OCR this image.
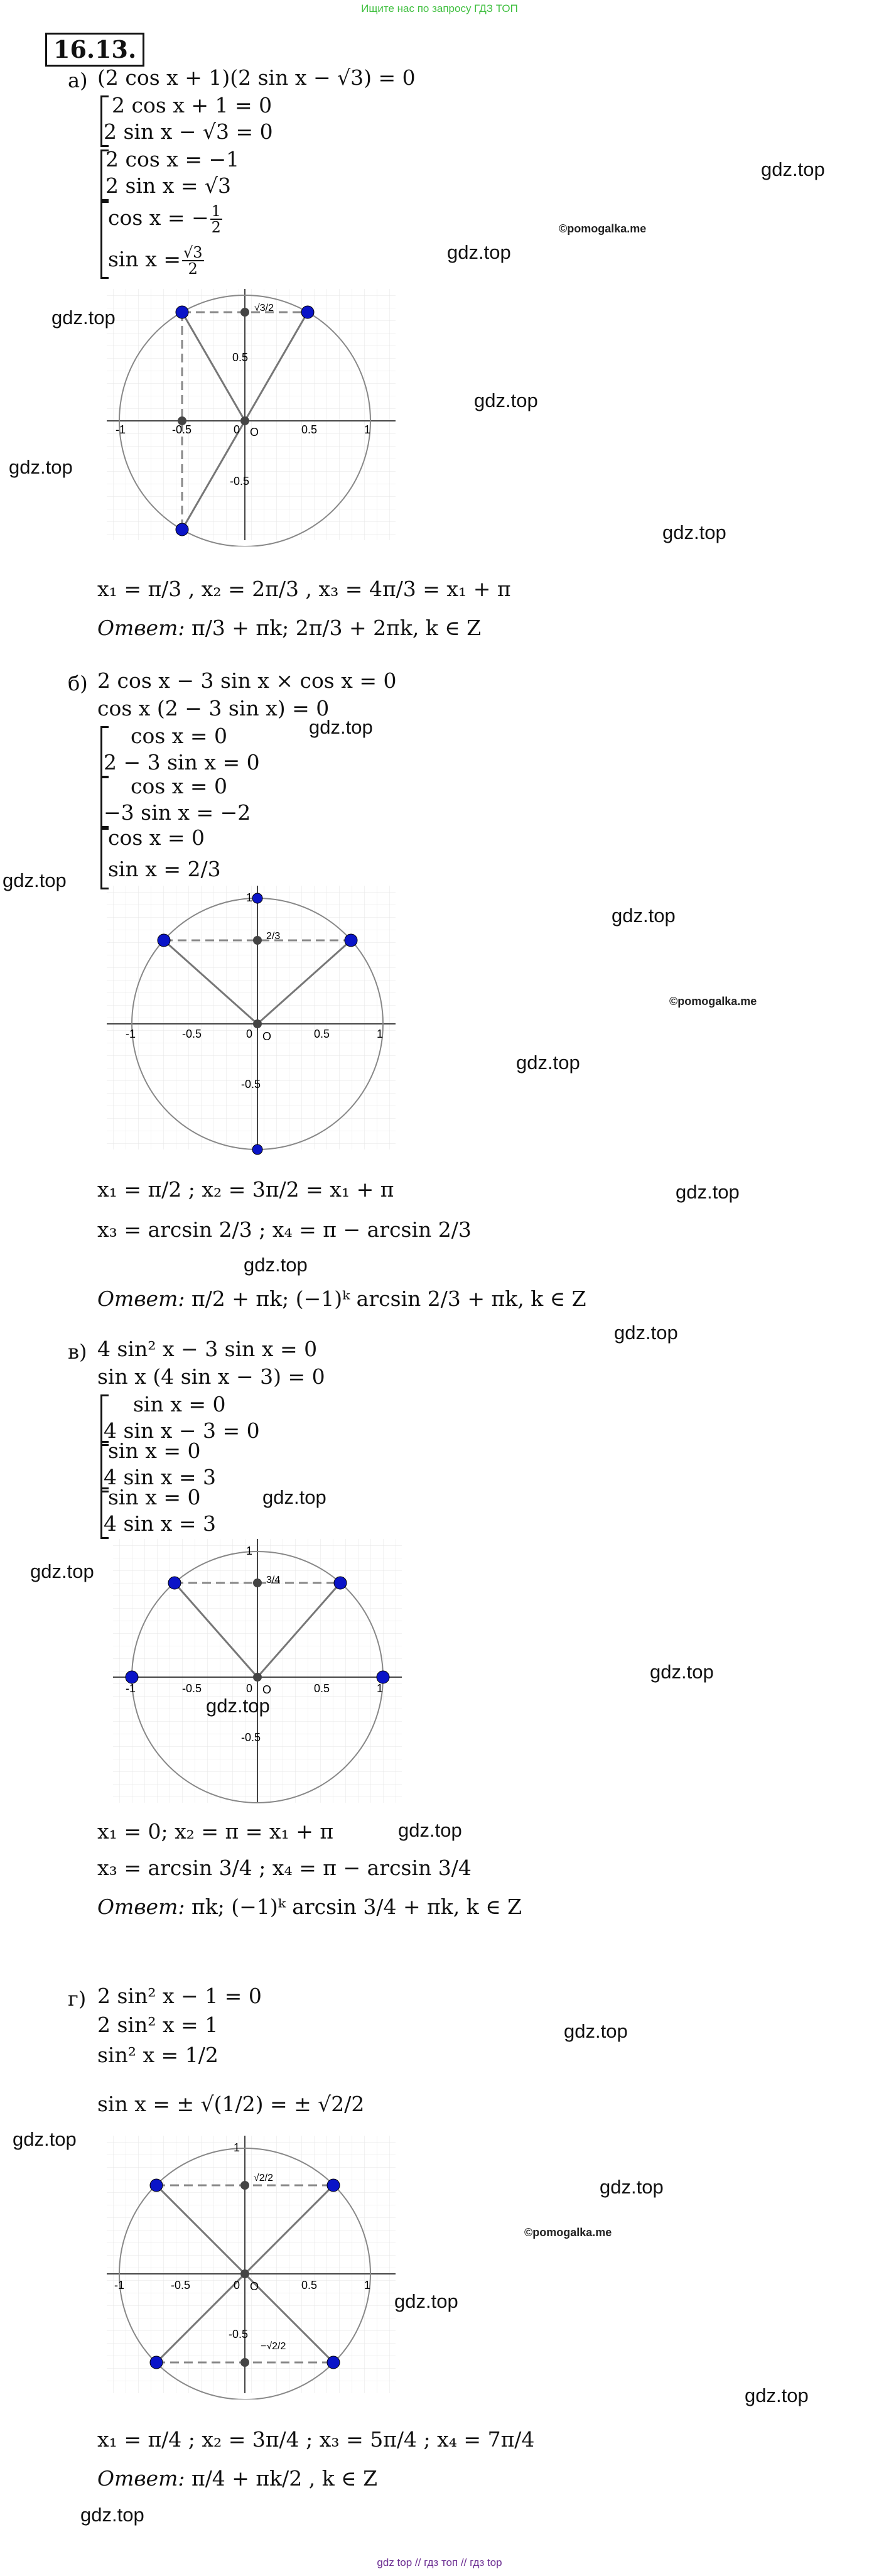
Ищите нас по запросу ГДЗ ТОП
16.13.
а) (2 cos x + 1)(2 sin x − √3) = 0
2 cos x + 1 = 0
2 sin x − √3 = 0
2 cos x = −1
2 sin x = √3
cos x = − $\frac{1}{2}$
$\sin x = \frac{√3}{2}$
√3/2
-1	-0.5	0	0.5	1
O
0.5
-0.5
x₁ = π/3 , x₂ = 2π/3 , x₃ = 4π/3 = x₁ + π
Ответ: π/3 + πk; 2π/3 + 2πk, k ∈ Z
б) 2 cos x − 3 sin x × cos x = 0
cos x (2 − 3 sin x) = 0
cos x = 0
2 − 3 sin x = 0
cos x = 0
−3 sin x = −2
cos x = 0
sin x = 2/3
2/3
-1	-0.5	0	0.5	1
O
1
-0.5
x₁ = π/2 ; x₂ = 3π/2 = x₁ + π
x₃ = arcsin 2/3 ; x₄ = π − arcsin 2/3
Ответ: π/2 + πk; (−1)ᵏ arcsin 2/3 + πk, k ∈ Z
в) 4 sin² x − 3 sin x = 0
sin x (4 sin x − 3) = 0
sin x = 0
4 sin x − 3 = 0
sin x = 0
4 sin x = 3
sin x = 0
4 sin x = 3
3/4
-1	-0.5	0	0.5	1
O
1
-0.5
x₁ = 0; x₂ = π = x₁ + π
x₃ = arcsin 3/4 ; x₄ = π − arcsin 3/4
Ответ: πk; (−1)ᵏ arcsin 3/4 + πk, k ∈ Z
г) 2 sin² x − 1 = 0
2 sin² x = 1
sin² x = 1/2
sin x = ± √(1/2) = ± √2/2
√2/2
−√2/2
-1	-0.5	0	0.5	1
O
1
-0.5
x₁ = π/4 ; x₂ = 3π/4 ; x₃ = 5π/4 ; x₄ = 7π/4
Ответ: π/4 + πk/2 , k ∈ Z
gdz.top
©pomogalka.me
gdz.top
gdz.top
gdz.top
gdz.top
gdz.top
gdz.top
gdz.top
gdz.top
©pomogalka.me
gdz.top
gdz.top
gdz.top
gdz.top
gdz.top
gdz.top
gdz.top
gdz.top
gdz.top
gdz.top
gdz.top
gdz.top
©pomogalka.me
gdz.top
gdz.top
gdz.top
gdz top // гдз топ // гдз top
